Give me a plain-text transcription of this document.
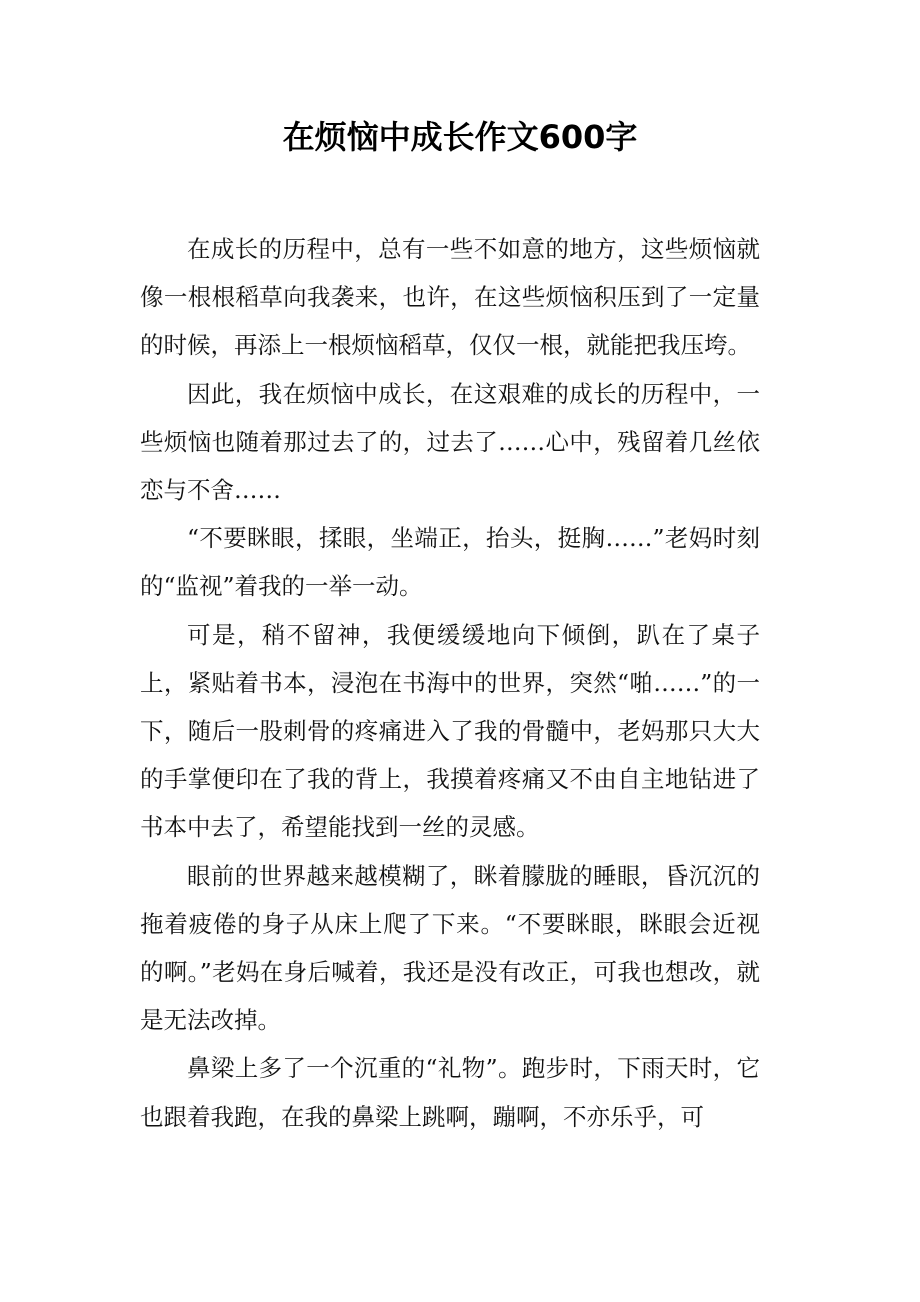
在烦恼中成长作文600字

在成长的历程中，总有一些不如意的地方，这些烦恼就像一根根稻草向我袭来，也许，在这些烦恼积压到了一定量的时候，再添上一根烦恼稻草，仅仅一根，就能把我压垮。

因此，我在烦恼中成长，在这艰难的成长的历程中，一些烦恼也随着那过去了的，过去了……心中，残留着几丝依恋与不舍……

“不要眯眼，揉眼，坐端正，抬头，挺胸……”老妈时刻的“监视”着我的一举一动。

可是，稍不留神，我便缓缓地向下倾倒，趴在了桌子上，紧贴着书本，浸泡在书海中的世界，突然“啪……”的一下，随后一股刺骨的疼痛进入了我的骨髓中，老妈那只大大的手掌便印在了我的背上，我摸着疼痛又不由自主地钻进了书本中去了，希望能找到一丝的灵感。

眼前的世界越来越模糊了，眯着朦胧的睡眼，昏沉沉的拖着疲倦的身子从床上爬了下来。“不要眯眼，眯眼会近视的啊。”老妈在身后喊着，我还是没有改正，可我也想改，就是无法改掉。

鼻梁上多了一个沉重的“礼物”。跑步时，下雨天时，它也跟着我跑，在我的鼻梁上跳啊，蹦啊，不亦乐乎，可
